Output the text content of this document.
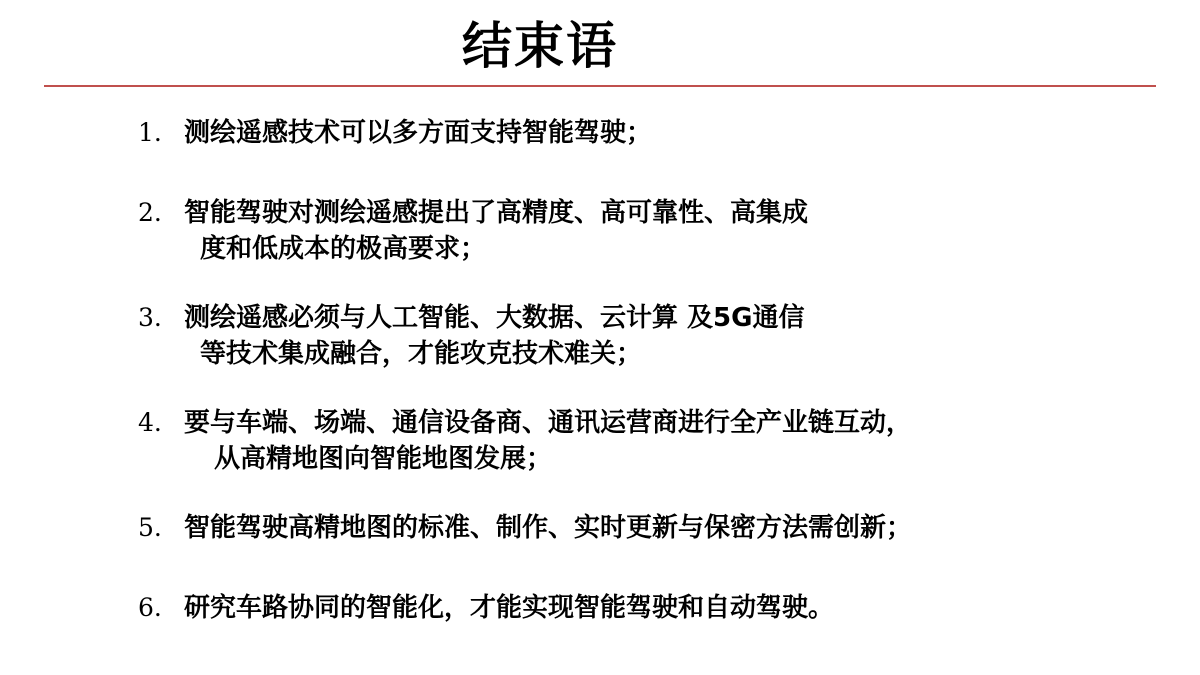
结束语
1. 测绘遥感技术可以多方面支持智能驾驶；
2. 智能驾驶对测绘遥感提出了高精度、高可靠性、高集成
度和低成本的极高要求；
3. 测绘遥感必须与人工智能、大数据、云计算 及5G通信
等技术集成融合，才能攻克技术难关；
4. 要与车端、场端、通信设备商、通讯运营商进行全产业链互动，
从高精地图向智能地图发展；
5. 智能驾驶高精地图的标准、制作、实时更新与保密方法需创新；
6. 研究车路协同的智能化，才能实现智能驾驶和自动驾驶。
